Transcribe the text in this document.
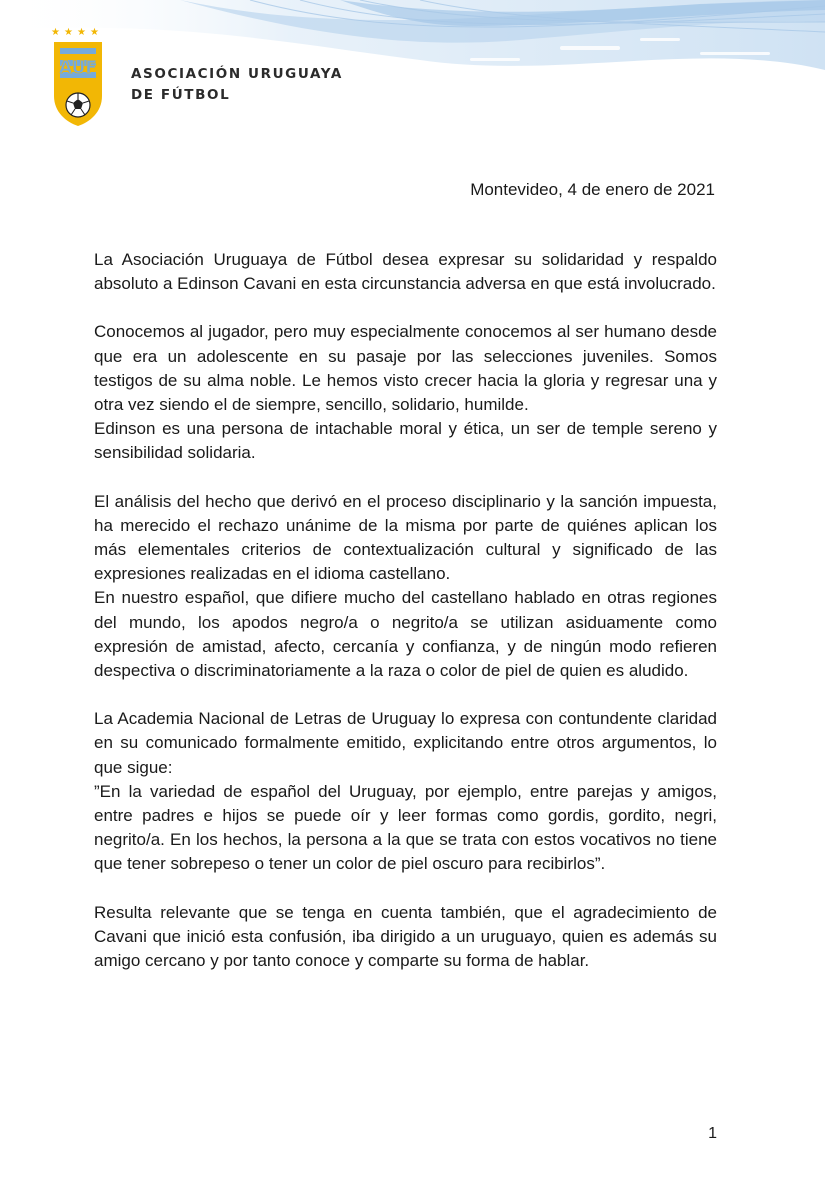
★ ★ ★ ★
AUF	ASOCIACIÓN URUGUAYA
DE FÚTBOL
Montevideo, 4 de enero de 2021

La Asociación Uruguaya de Fútbol desea expresar su solidaridad y respaldo absoluto a Edinson Cavani en esta circunstancia adversa en que está involucrado.

Conocemos al jugador, pero muy especialmente conocemos al ser humano desde que era un adolescente en su pasaje por las selecciones juveniles. Somos testigos de su alma noble. Le hemos visto crecer hacia la gloria y regresar una y otra vez siendo el de siempre, sencillo, solidario, humilde.
Edinson es una persona de intachable moral y ética, un ser de temple sereno y sensibilidad solidaria.

El análisis del hecho que derivó en el proceso disciplinario y la sanción impuesta, ha merecido el rechazo unánime de la misma por parte de quiénes aplican los más elementales criterios de contextualización cultural y significado de las expresiones realizadas en el idioma castellano.
En nuestro español, que difiere mucho del castellano hablado en otras regiones del mundo, los apodos negro/a o negrito/a se utilizan asiduamente como expresión de amistad, afecto, cercanía y confianza, y de ningún modo refieren despectiva o discriminatoriamente a la raza o color de piel de quien es aludido.

La Academia Nacional de Letras de Uruguay lo expresa con contundente claridad en su comunicado formalmente emitido, explicitando entre otros argumentos, lo que sigue:
”En la variedad de español del Uruguay, por ejemplo, entre parejas y amigos, entre padres e hijos se puede oír y leer formas como gordis, gordito, negri, negrito/a. En los hechos, la persona a la que se trata con estos vocativos no tiene que tener sobrepeso o tener un color de piel oscuro para recibirlos”.

Resulta relevante que se tenga en cuenta también, que el agradecimiento de Cavani que inició esta confusión, iba dirigido a un uruguayo, quien es además su amigo cercano y por tanto conoce y comparte su forma de hablar.

1
